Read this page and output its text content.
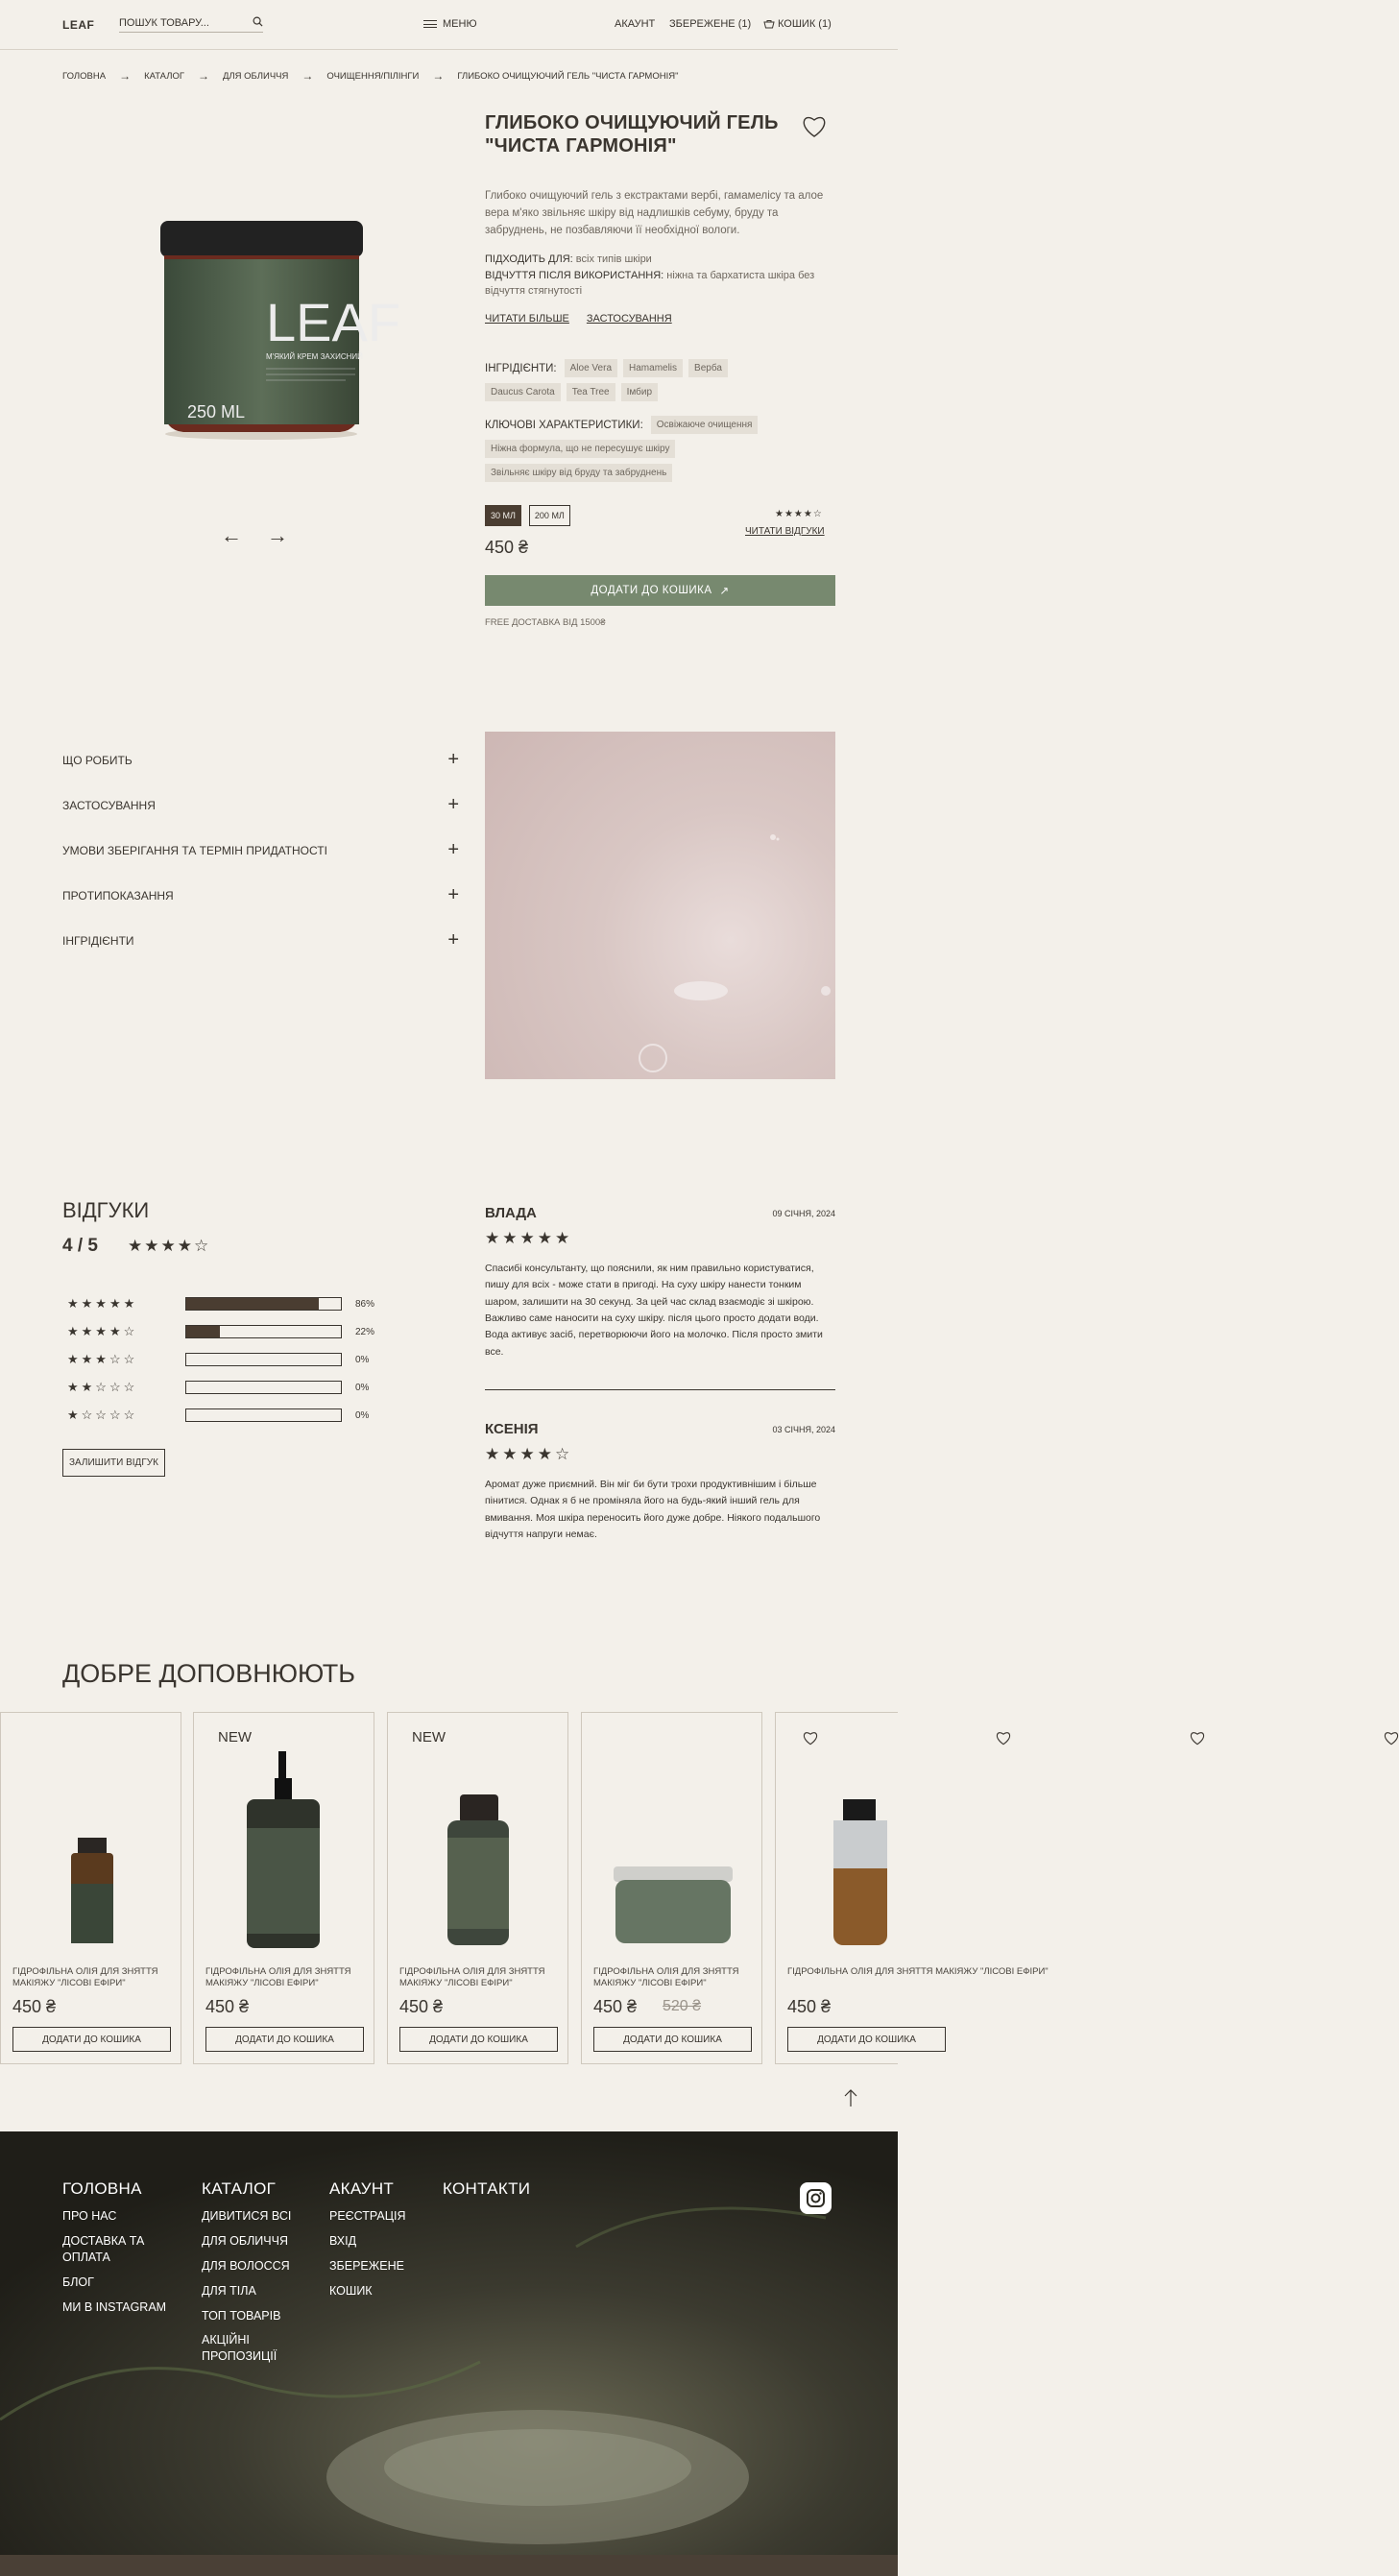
LEAF
ПОШУК ТОВАРУ...	МЕНЮ	АКАУНТ ЗБЕРЕЖЕНЕ (1)	КОШИК (1)
ГОЛОВНА → КАТАЛОГ → ДЛЯ ОБЛИЧЧЯ → ОЧИЩЕННЯ/ПІЛІНГИ → ГЛИБОКО ОЧИЩУЮЧИЙ ГЕЛЬ "ЧИСТА ГАРМОНІЯ"
LEAF
М'ЯКИЙ КРЕМ ЗАХИСНИЙ
250 ML
← →
ГЛИБОКО ОЧИЩУЮЧИЙ ГЕЛЬ "ЧИСТА ГАРМОНІЯ"
Глибоко очищуючий гель з екстрактами вербі, гамамелісу та алое вера м'яко звільняє шкіру від надлишків себуму, бруду та забруднень, не позбавляючи її необхідної вологи.
ПІДХОДИТЬ ДЛЯ: всіх типів шкіри
ВІДЧУТТЯ ПІСЛЯ ВИКОРИСТАННЯ: ніжна та бархатиста шкіра без відчуття стягнутості
ЧИТАТИ БІЛЬШЕ ЗАСТОСУВАННЯ
ІНГРІДІЄНТИ:	Aloe Vera	Hamamelis	Верба
Daucus Carota	Tea Tree	Імбир
КЛЮЧОВІ ХАРАКТЕРИСТИКИ:	Освіжаюче очищення
Ніжна формула, що не пересушує шкіру
Звільняє шкіру від бруду та забруднень
30 МЛ	200 МЛ	★★★★☆
ЧИТАТИ ВІДГУКИ
450 ₴
ДОДАТИ ДО КОШИКА ↗
FREE ДОСТАВКА ВІД 1500₴
ЩО РОБИТЬ	+
ЗАСТОСУВАННЯ	+
УМОВИ ЗБЕРІГАННЯ ТА ТЕРМІН ПРИДАТНОСТІ	+
ПРОТИПОКАЗАННЯ	+
ІНГРІДІЄНТИ	+
ВІДГУКИ
4 / 5 ★★★★☆
★★★★★	86%
★★★★☆	22%
★★★☆☆	0%
★★☆☆☆	0%
★☆☆☆☆	0%
ЗАЛИШИТИ ВІДГУК
ВЛАДА	09 СІЧНЯ, 2024
★★★★★
Спасибі консультанту, що пояснили, як ним правильно користуватися, пишу для всіх - може стати в пригоді. На суху шкіру нанести тонким шаром, залишити на 30 секунд. За цей час склад взаємодіє зі шкірою. Важливо саме наносити на суху шкіру. після цього просто додати води. Вода активує засіб, перетворюючи його на молочко. Після просто змити все.
КСЕНІЯ	03 СІЧНЯ, 2024
★★★★☆
Аромат дуже приємний. Він міг би бути трохи продуктивнішим і більше пінитися. Однак я б не проміняла його на будь-який інший гель для вмивання. Моя шкіра переносить його дуже добре. Ніякого подальшого відчуття напруги немає.
ДОБРЕ ДОПОВНЮЮТЬ
ГІДРОФІЛЬНА ОЛІЯ ДЛЯ ЗНЯТТЯ МАКІЯЖУ "ЛІСОВІ ЕФІРИ"
450 ₴
ДОДАТИ ДО КОШИКА
NEW
ГІДРОФІЛЬНА ОЛІЯ ДЛЯ ЗНЯТТЯ МАКІЯЖУ "ЛІСОВІ ЕФІРИ"
450 ₴
ДОДАТИ ДО КОШИКА
NEW
ГІДРОФІЛЬНА ОЛІЯ ДЛЯ ЗНЯТТЯ МАКІЯЖУ "ЛІСОВІ ЕФІРИ"
450 ₴
ДОДАТИ ДО КОШИКА
ГІДРОФІЛЬНА ОЛІЯ ДЛЯ ЗНЯТТЯ МАКІЯЖУ "ЛІСОВІ ЕФІРИ"
450 ₴ 520 ₴
ДОДАТИ ДО КОШИКА
ГІДРОФІЛЬНА ОЛІЯ ДЛЯ ЗНЯТТЯ МАКІЯЖУ "ЛІСОВІ ЕФІРИ"
450 ₴
ДОДАТИ ДО КОШИКА
ГОЛОВНА
ПРО НАС
ДОСТАВКА ТА ОПЛАТА
БЛОГ
МИ В INSTAGRAM
КАТАЛОГ
ДИВИТИСЯ ВСІ
ДЛЯ ОБЛИЧЧЯ
ДЛЯ ВОЛОССЯ
ДЛЯ ТІЛА
ТОП ТОВАРІВ
АКЦІЙНІ ПРОПОЗИЦІЇ
АКАУНТ
РЕЄСТРАЦІЯ
ВХІД
ЗБЕРЕЖЕНЕ
КОШИК
КОНТАКТИ
